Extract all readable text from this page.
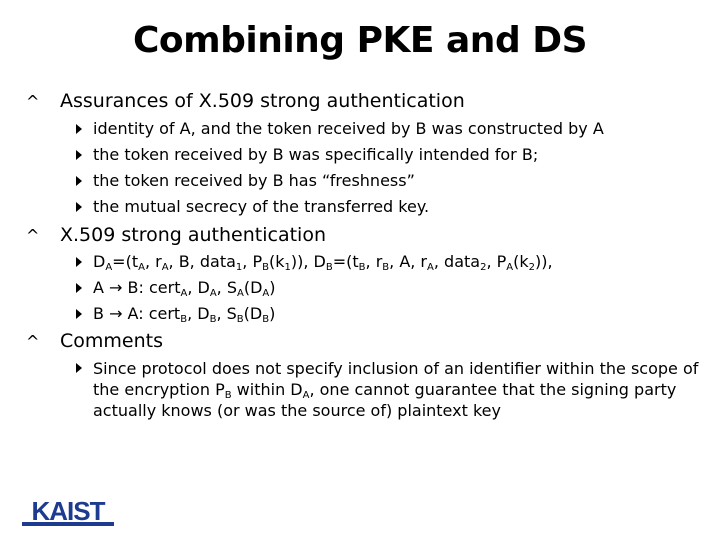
Combining PKE and DS
^ Assurances of X.509 strong authentication
identity of A, and the token received by B was constructed by A
the token received by B was specifically intended for B;
the token received by B has “freshness”
the mutual secrecy of the transferred key.
^ X.509 strong authentication
$D_A=(t_A$, $r_A$, B, data$_1$, $P_B(k_1)$), $D_B=(t_B$, $r_B$, A, $r_A$, data$_2$, $P_A(k_2)$),
A → B: cert$_A$, $D_A$, $S_A(D_A)$
B → A: cert$_B$, $D_B$, $S_B(D_B)$
^ Comments
Since protocol does not specify inclusion of an identifier within the scope of the encryption $P_B$ within $D_A$, one cannot guarantee that the signing party actually knows (or was the source of) plaintext key
KAIST
